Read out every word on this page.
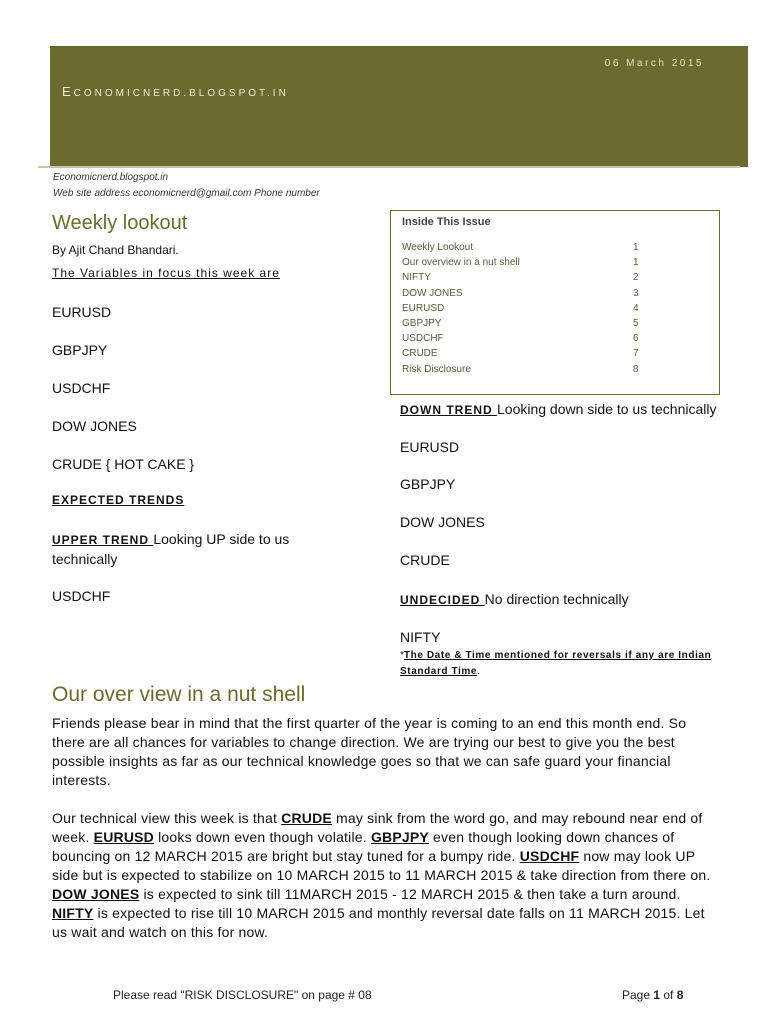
06 March 2015
ECONOMICNERD.BLOGSPOT.IN
Economicnerd.blogspot.in
Web site address economicnerd@gmail.com Phone number
Weekly lookout
By Ajit Chand Bhandari.
The Variables in focus this week are
EURUSD
GBPJPY
USDCHF
DOW JONES
CRUDE { HOT CAKE }
EXPECTED TRENDS
UPPER TREND Looking UP side to us technically
USDCHF
Inside This Issue
Weekly Lookout	1
Our overview in a nut shell	1
NIFTY	2
DOW JONES	3
EURUSD	4
GBPJPY	5
USDCHF	6
CRUDE	7
Risk Disclosure	8
DOWN TREND Looking down side to us technically
EURUSD
GBPJPY
DOW JONES
CRUDE
UNDECIDED No direction technically
NIFTY
*The Date & Time mentioned for reversals if any are Indian Standard Time.
Our over view in a nut shell

Friends please bear in mind that the first quarter of the year is coming to an end this month end. So there are all chances for variables to change direction. We are trying our best to give you the best possible insights as far as our technical knowledge goes so that we can safe guard your financial interests.

Our technical view this week is that CRUDE may sink from the word go, and may rebound near end of week. EURUSD looks down even though volatile. GBPJPY even though looking down chances of bouncing on 12 MARCH 2015 are bright but stay tuned for a bumpy ride. USDCHF now may look UP side but is expected to stabilize on 10 MARCH 2015 to 11 MARCH 2015 & take direction from there on. DOW JONES is expected to sink till 11MARCH 2015 - 12 MARCH 2015 & then take a turn around. NIFTY is expected to rise till 10 MARCH 2015 and monthly reversal date falls on 11 MARCH 2015. Let us wait and watch on this for now.

Please read "RISK DISCLOSURE" on page # 08	Page 1 of 8
